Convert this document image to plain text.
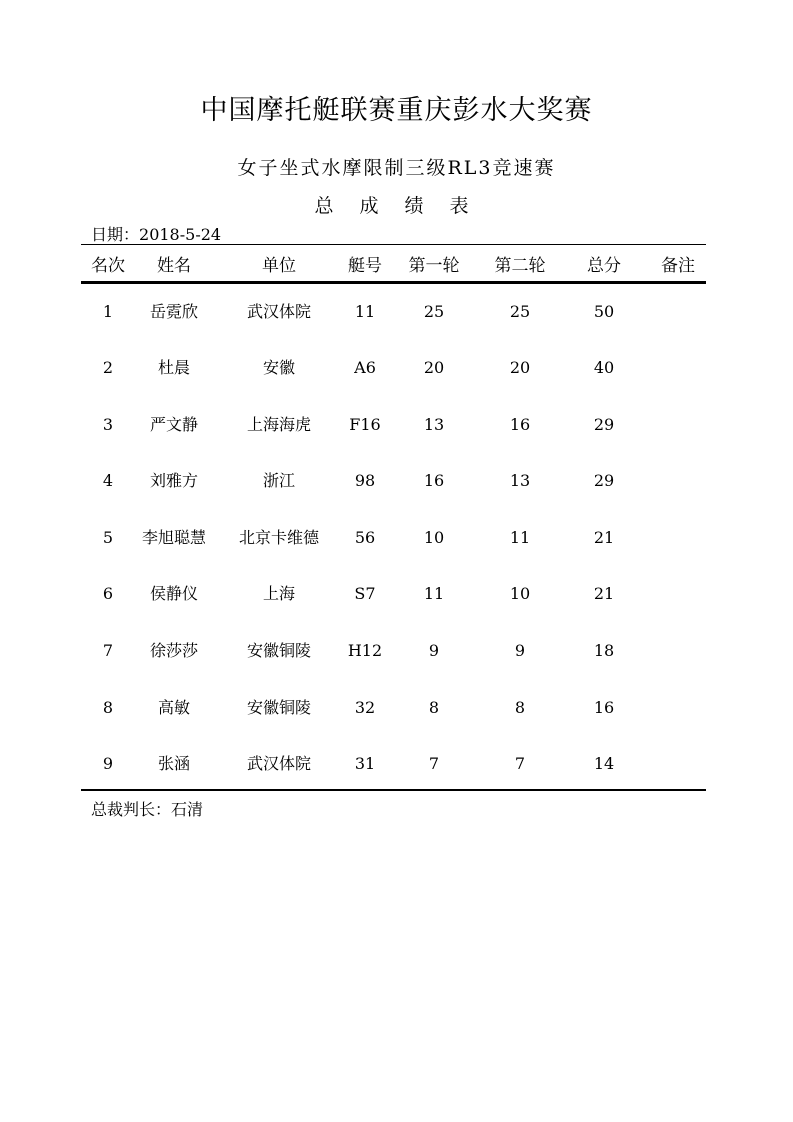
中国摩托艇联赛重庆彭水大奖赛
女子坐式水摩限制三级RL3竞速赛
总 成 绩 表
日期：2018-5-24
名次 姓名	单位	艇号 第一轮 第二轮 总分 备注
1 岳霓欣	武汉体院	11	25	25	50
2	杜晨	安徽	A6	20	20	40
3 严文静	上海海虎 F16	13	16	29
4 刘雅方	浙江	98	16	13	29
5 李旭聪慧 北京卡维德 56	10	11	21
6 侯静仪	上海	S7	11	10	21
7 徐莎莎	安徽铜陵 H12	9	9	18
8	高敏	安徽铜陵	32	8	8	16
9	张涵	武汉体院	31	7	7	14
总裁判长：石清
